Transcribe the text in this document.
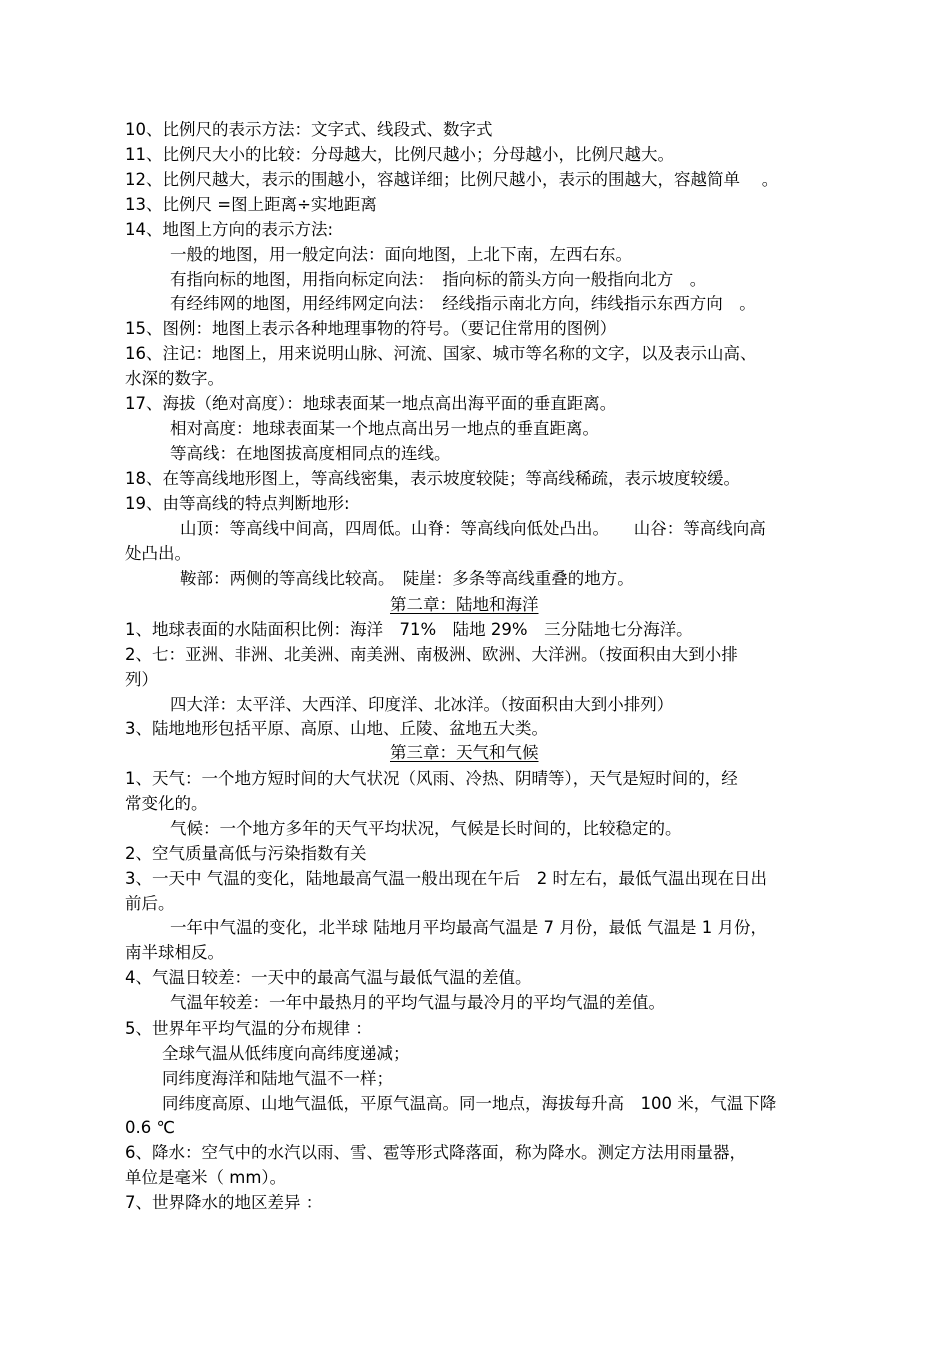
10、比例尺的表示方法：文字式、线段式、数字式
11、比例尺大小的比较：分母越大，比例尺越小；分母越小，比例尺越大。
12、比例尺越大，表示的围越小，容越详细；比例尺越小，表示的围越大，容越简单　 。
13、比例尺 =图上距离÷实地距离
14、地图上方向的表示方法:
一般的地图，用一般定向法：面向地图，上北下南，左西右东。
有指向标的地图，用指向标定向法：　指向标的箭头方向一般指向北方　。
有经纬网的地图，用经纬网定向法：　经线指示南北方向，纬线指示东西方向　。
15、图例：地图上表示各种地理事物的符号。（要记住常用的图例）
16、注记：地图上，用来说明山脉、河流、国家、城市等名称的文字，以及表示山高、
水深的数字。
17、海拔（绝对高度）：地球表面某一地点高出海平面的垂直距离。
相对高度：地球表面某一个地点高出另一地点的垂直距离。
等高线：在地图拔高度相同点的连线。
18、在等高线地形图上，等高线密集，表示坡度较陡；等高线稀疏，表示坡度较缓。
19、由等高线的特点判断地形:
山顶：等高线中间高，四周低。山脊：等高线向低处凸出。　　山谷：等高线向高
处凸出。
鞍部：两侧的等高线比较高。　陡崖：多条等高线重叠的地方。
第二章：陆地和海洋
1、地球表面的水陆面积比例：海洋　71%　陆地 29%　三分陆地七分海洋。
2、七：亚洲、非洲、北美洲、南美洲、南极洲、欧洲、大洋洲。（按面积由大到小排
列）
四大洋：太平洋、大西洋、印度洋、北冰洋。（按面积由大到小排列）
3、陆地地形包括平原、高原、山地、丘陵、盆地五大类。
第三章：天气和气候
1、天气：一个地方短时间的大气状况（风雨、冷热、阴晴等），天气是短时间的，经
常变化的。
气候：一个地方多年的天气平均状况，气候是长时间的，比较稳定的。
2、空气质量高低与污染指数有关
3、一天中 气温的变化，陆地最高气温一般出现在午后　2 时左右，最低气温出现在日出
前后。
一年中气温的变化，北半球 陆地月平均最高气温是 7 月份，最低 气温是 1 月份，
南半球相反。
4、气温日较差：一天中的最高气温与最低气温的差值。
气温年较差：一年中最热月的平均气温与最冷月的平均气温的差值。
5、世界年平均气温的分布规律 ：
全球气温从低纬度向高纬度递减；
同纬度海洋和陆地气温不一样；
同纬度高原、山地气温低，平原气温高。同一地点，海拔每升高　100 米，气温下降
0.6 ℃
6、降水：空气中的水汽以雨、雪、雹等形式降落面，称为降水。测定方法用雨量器，
单位是毫米（ mm）。
7、世界降水的地区差异 ：
